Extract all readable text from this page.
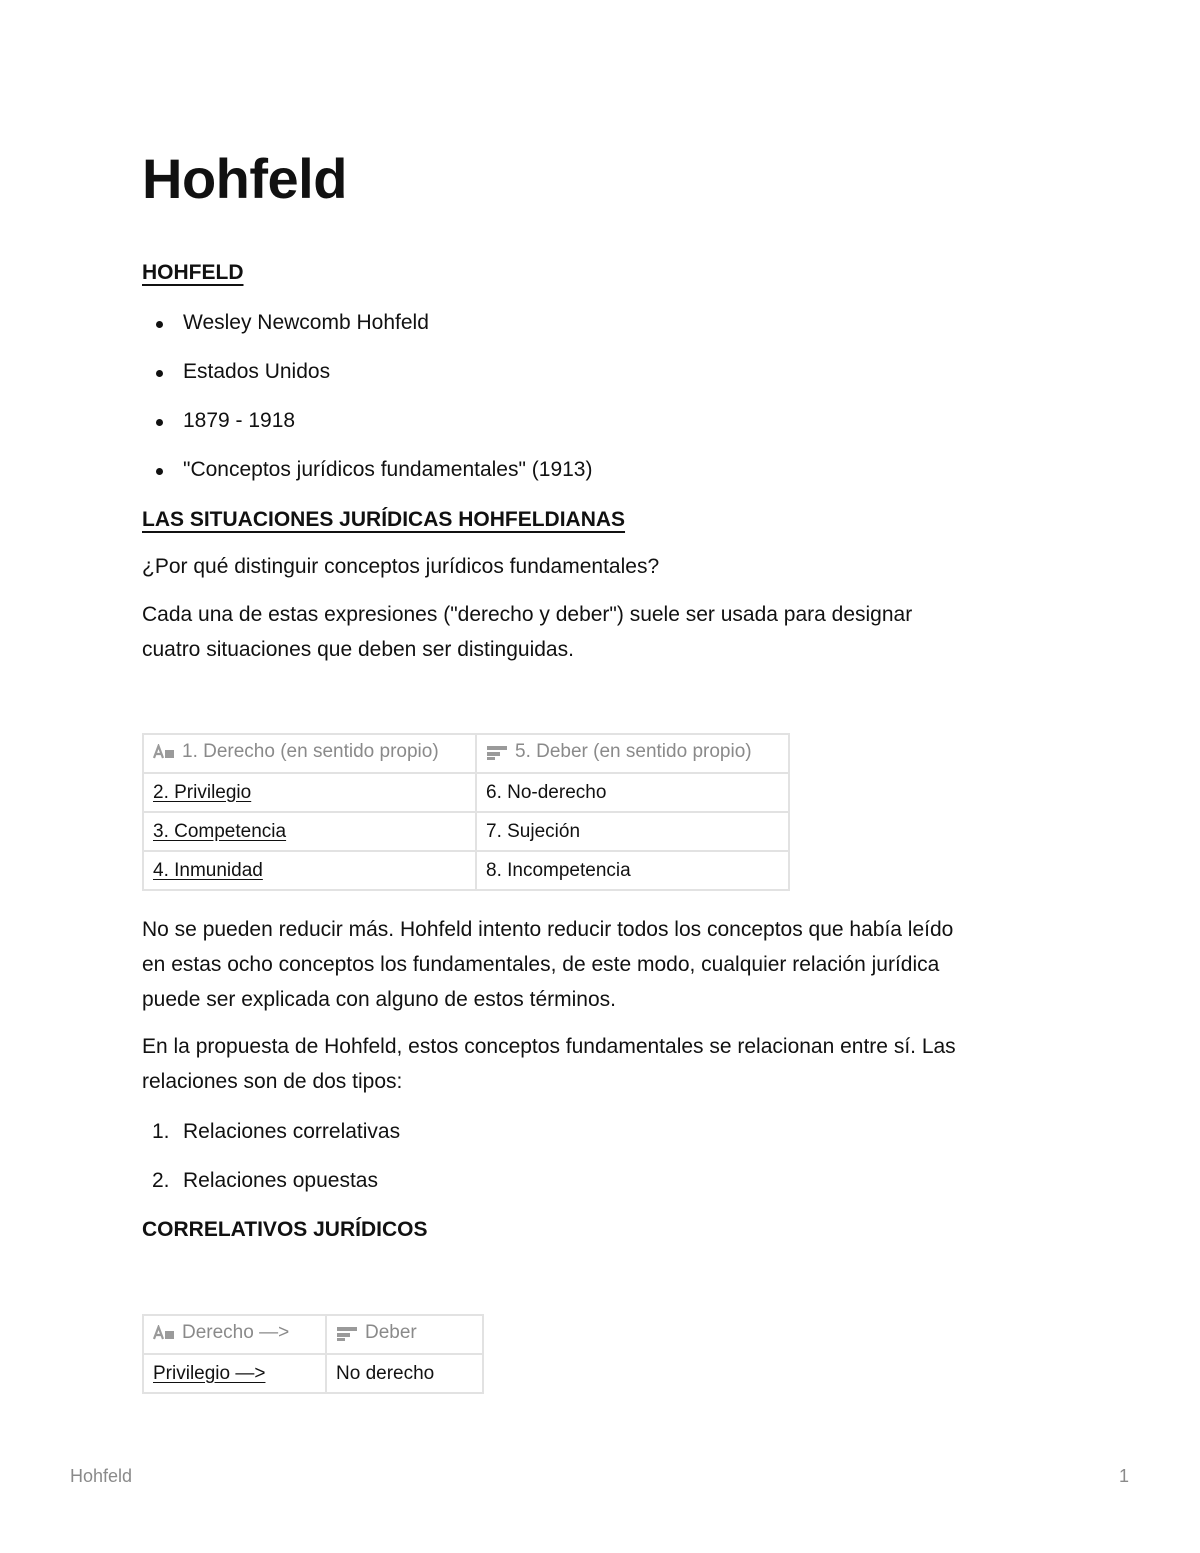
Hohfeld
HOHFELD
Wesley Newcomb Hohfeld
Estados Unidos
1879 - 1918
"Conceptos jurídicos fundamentales" (1913)
LAS SITUACIONES JURÍDICAS HOHFELDIANAS

¿Por qué distinguir conceptos jurídicos fundamentales?

Cada una de estas expresiones ("derecho y deber") suele ser usada para designar
cuatro situaciones que deben ser distinguidas.
1. Derecho (en sentido propio)	5. Deber (en sentido propio)
2. Privilegio	6. No-derecho
3. Competencia	7. Sujeción
4. Inmunidad	8. Incompetencia
No se pueden reducir más. Hohfeld intento reducir todos los conceptos que había leído
en estas ocho conceptos los fundamentales, de este modo, cualquier relación jurídica
puede ser explicada con alguno de estos términos.
En la propuesta de Hohfeld, estos conceptos fundamentales se relacionan entre sí. Las
relaciones son de dos tipos:
1. Relaciones correlativas
2. Relaciones opuestas
CORRELATIVOS JURÍDICOS
Derecho —>	Deber
Privilegio —>	No derecho
Hohfeld	1
